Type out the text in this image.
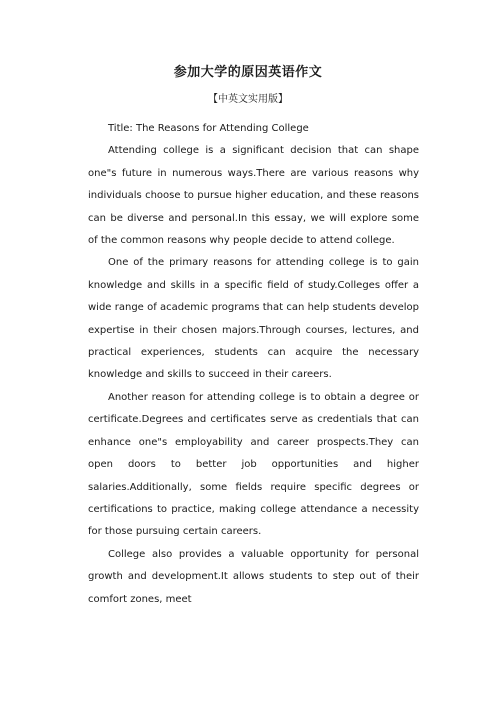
参加大学的原因英语作文
【中英文实用版】

Title: The Reasons for Attending College

Attending college is a significant decision that can shape one"s future in numerous ways.There are various reasons why individuals choose to pursue higher education, and these reasons can be diverse and personal.In this essay, we will explore some of the common reasons why people decide to attend college.

One of the primary reasons for attending college is to gain knowledge and skills in a specific field of study.Colleges offer a wide range of academic programs that can help students develop expertise in their chosen majors.Through courses, lectures, and practical experiences, students can acquire the necessary knowledge and skills to succeed in their careers.

Another reason for attending college is to obtain a degree or certificate.Degrees and certificates serve as credentials that can enhance one"s employability and career prospects.They can open doors to better job opportunities and higher salaries.Additionally, some fields require specific degrees or certifications to practice, making college attendance a necessity for those pursuing certain careers.

College also provides a valuable opportunity for personal growth and development.It allows students to step out of their comfort zones, meet
